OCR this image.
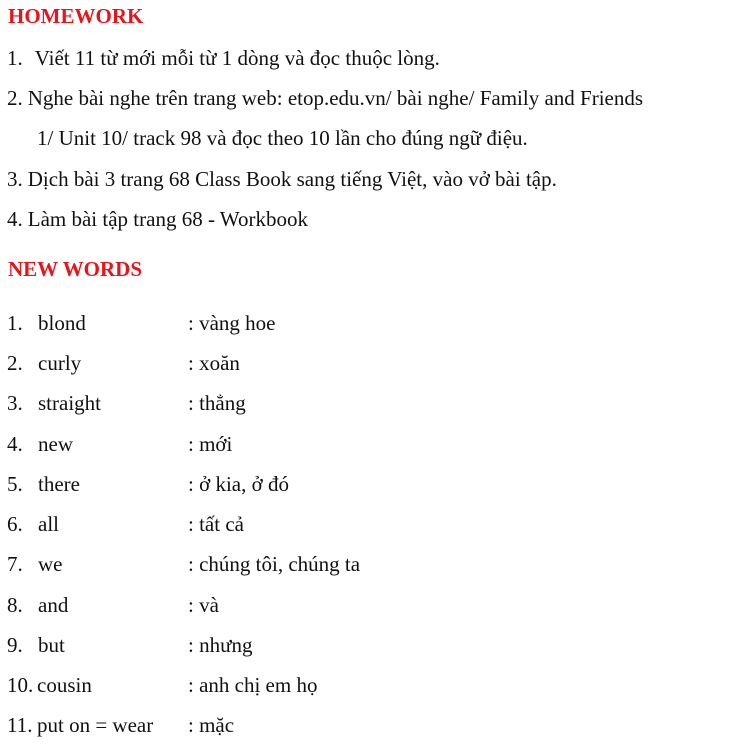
HOMEWORK
1. Viết 11 từ mới mỗi từ 1 dòng và đọc thuộc lòng.
2. Nghe bài nghe trên trang web: etop.edu.vn/ bài nghe/ Family and Friends
1/ Unit 10/ track 98 và đọc theo 10 lần cho đúng ngữ điệu.
3. Dịch bài 3 trang 68 Class Book sang tiếng Việt, vào vở bài tập.
4. Làm bài tập trang 68 - Workbook
NEW WORDS
1. blond	: vàng hoe
2. curly	: xoăn
3. straight	: thẳng
4. new	: mới
5. there	: ở kia, ở đó
6. all	: tất cả
7. we	: chúng tôi, chúng ta
8. and	: và
9. but	: nhưng
10. cousin	: anh chị em họ
11. put on = wear : mặc
